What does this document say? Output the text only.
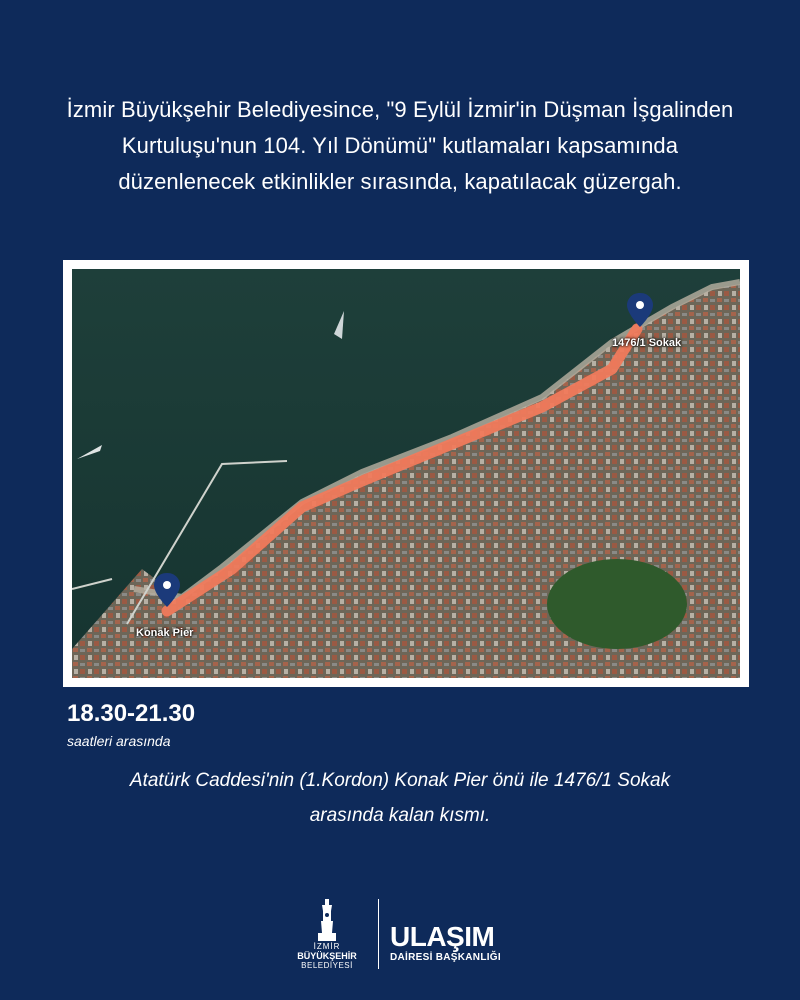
İzmir Büyükşehir Belediyesince, "9 Eylül İzmir'in Düşman İşgalinden
Kurtuluşu'nun 104. Yıl Dönümü" kutlamaları kapsamında
düzenlenecek etkinlikler sırasında, kapatılacak güzergah.
Konak Pier
1476/1 Sokak
18.30-21.30
saatleri arasında
Atatürk Caddesi'nin (1.Kordon) Konak Pier önü ile 1476/1 Sokak
arasında kalan kısmı.
İZMİR
BÜYÜKŞEHİR
BELEDİYESİ
ULAŞIM
DAİRESİ BAŞKANLIĞI
